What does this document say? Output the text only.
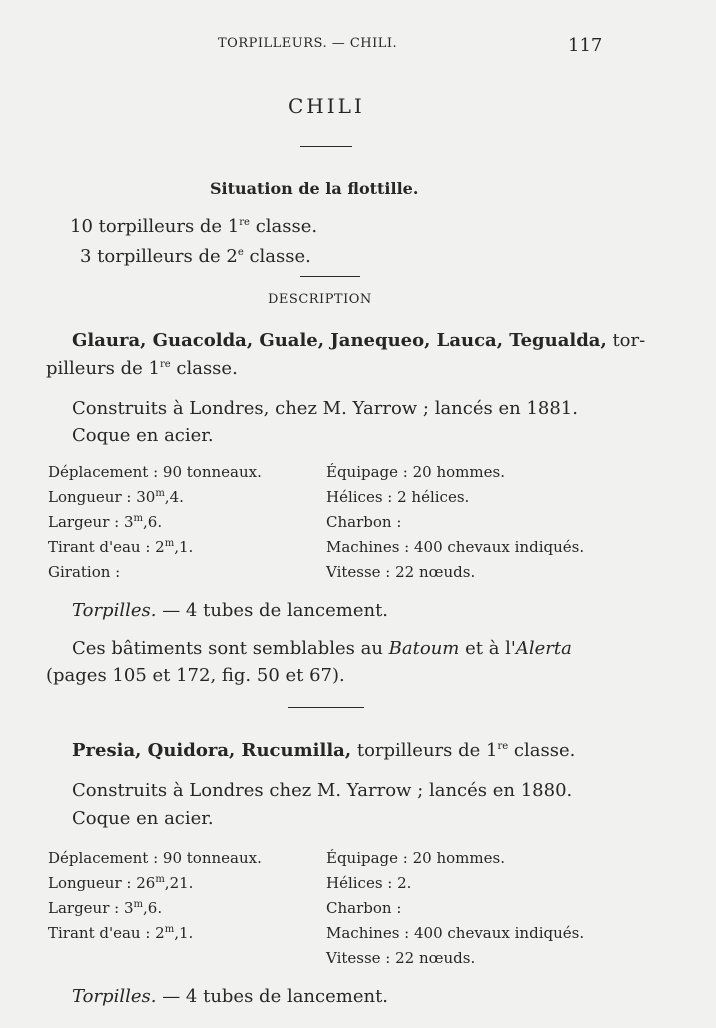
TORPILLEURS. — CHILI.	117
CHILI
Situation de la flottille.
10 torpilleurs de 1re classe.
3 torpilleurs de 2e classe.
DESCRIPTION
Glaura, Guacolda, Guale, Janequeo, Lauca, Tegualda, tor-
pilleurs de 1re classe.
Construits à Londres, chez M. Yarrow ; lancés en 1881.
Coque en acier.
Déplacement : 90 tonneaux.
Longueur : 30$^m$,4.
Largeur : 3$^m$,6.
Tirant d'eau : 2$^m$,1.
Giration :
Équipage : 20 hommes.
Hélices : 2 hélices.
Charbon :
Machines : 400 chevaux indiqués.
Vitesse : 22 nœuds.
Torpilles. — 4 tubes de lancement.
Ces bâtiments sont semblables au Batoum et à l'Alerta
(pages 105 et 172, fig. 50 et 67).
Presia, Quidora, Rucumilla, torpilleurs de 1re classe.
Construits à Londres chez M. Yarrow ; lancés en 1880.
Coque en acier.
Déplacement : 90 tonneaux.
Longueur : 26$^m$,21.
Largeur : 3$^m$,6.
Tirant d'eau : 2$^m$,1.
Équipage : 20 hommes.
Hélices : 2.
Charbon :
Machines : 400 chevaux indiqués.
Vitesse : 22 nœuds.
Torpilles. — 4 tubes de lancement.
